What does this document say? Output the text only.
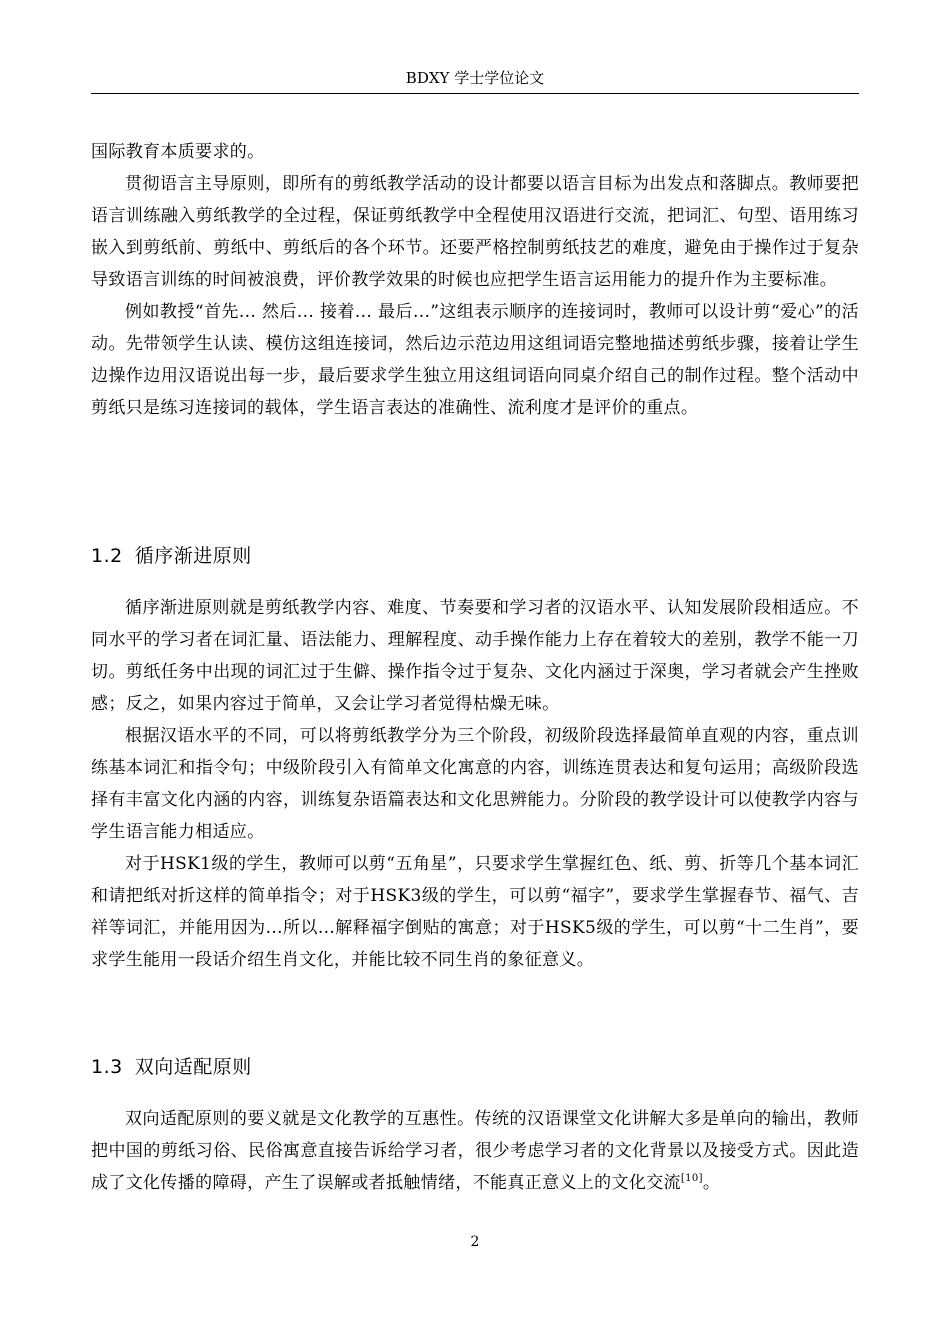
BDXY 学士学位论文

国际教育本质要求的。

贯彻语言主导原则，即所有的剪纸教学活动的设计都要以语言目标为出发点和落脚点。教师要把语言训练融入剪纸教学的全过程，保证剪纸教学中全程使用汉语进行交流，把词汇、句型、语用练习嵌入到剪纸前、剪纸中、剪纸后的各个环节。还要严格控制剪纸技艺的难度，避免由于操作过于复杂导致语言训练的时间被浪费，评价教学效果的时候也应把学生语言运用能力的提升作为主要标准。

例如教授“首先... 然后... 接着... 最后...”这组表示顺序的连接词时，教师可以设计剪“爱心”的活动。先带领学生认读、模仿这组连接词，然后边示范边用这组词语完整地描述剪纸步骤，接着让学生边操作边用汉语说出每一步，最后要求学生独立用这组词语向同桌介绍自己的制作过程。整个活动中剪纸只是练习连接词的载体，学生语言表达的准确性、流利度才是评价的重点。

1.2 循序渐进原则

循序渐进原则就是剪纸教学内容、难度、节奏要和学习者的汉语水平、认知发展阶段相适应。不同水平的学习者在词汇量、语法能力、理解程度、动手操作能力上存在着较大的差别，教学不能一刀切。剪纸任务中出现的词汇过于生僻、操作指令过于复杂、文化内涵过于深奥，学习者就会产生挫败感；反之，如果内容过于简单，又会让学习者觉得枯燥无味。

根据汉语水平的不同，可以将剪纸教学分为三个阶段，初级阶段选择最简单直观的内容，重点训练基本词汇和指令句；中级阶段引入有简单文化寓意的内容，训练连贯表达和复句运用；高级阶段选择有丰富文化内涵的内容，训练复杂语篇表达和文化思辨能力。分阶段的教学设计可以使教学内容与学生语言能力相适应。

对于HSK1级的学生，教师可以剪“五角星”，只要求学生掌握红色、纸、剪、折等几个基本词汇和请把纸对折这样的简单指令；对于HSK3级的学生，可以剪“福字”，要求学生掌握春节、福气、吉祥等词汇，并能用因为...所以...解释福字倒贴的寓意；对于HSK5级的学生，可以剪“十二生肖”，要求学生能用一段话介绍生肖文化，并能比较不同生肖的象征意义。

1.3 双向适配原则

双向适配原则的要义就是文化教学的互惠性。传统的汉语课堂文化讲解大多是单向的输出，教师把中国的剪纸习俗、民俗寓意直接告诉给学习者，很少考虑学习者的文化背景以及接受方式。因此造成了文化传播的障碍，产生了误解或者抵触情绪，不能真正意义上的文化交流[10]。

2
